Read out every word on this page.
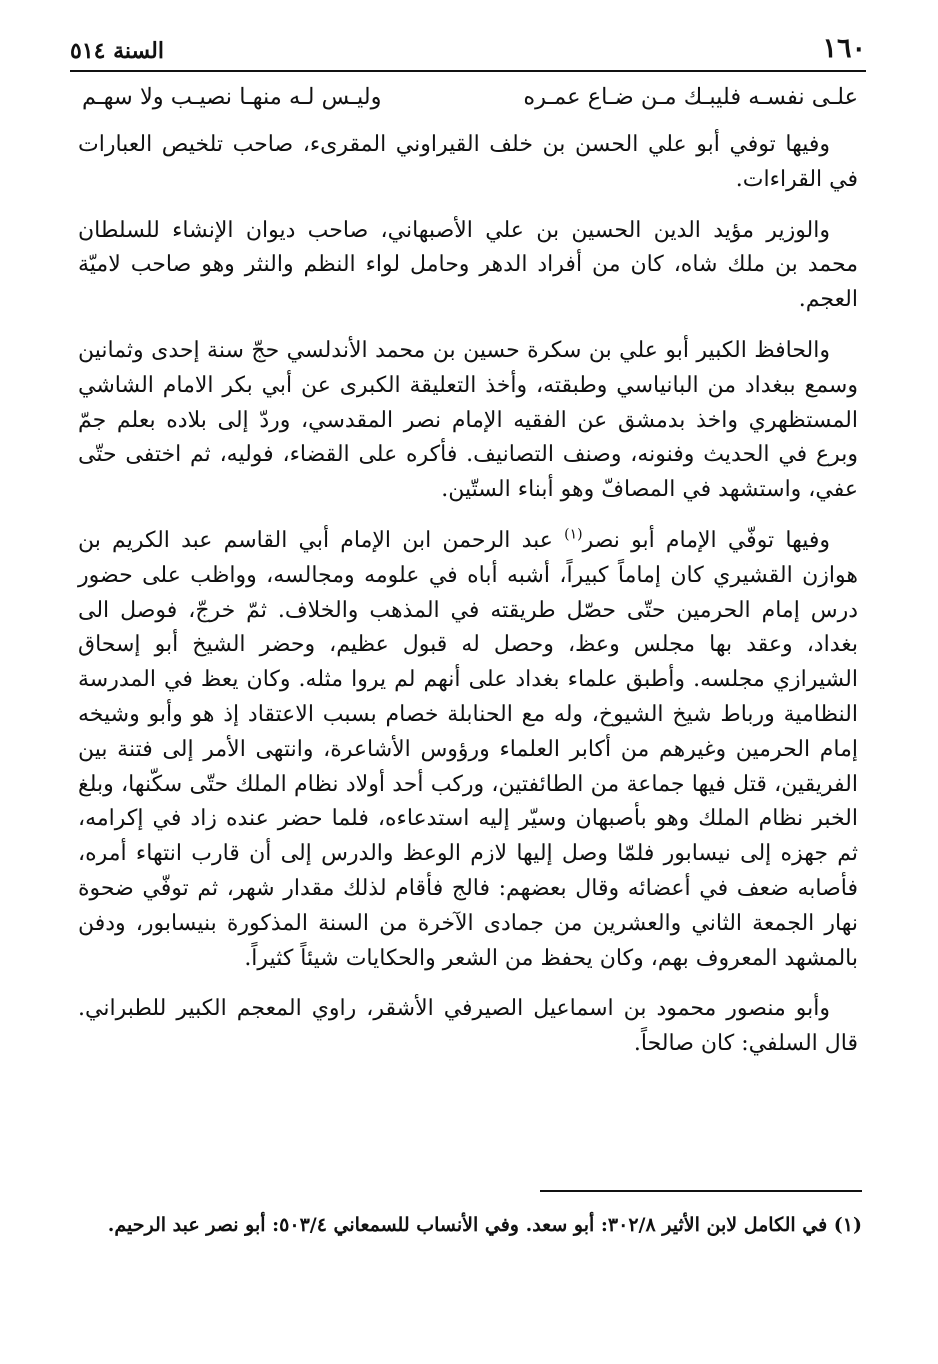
١٦٠
السنة ٥١٤
علـى نفسـه فليبـك مـن ضـاع عمـره
وليـس لـه منهـا نصيـب ولا سهـم

وفيها توفي أبو علي الحسن بن خلف القيراوني المقرىء، صاحب تلخيص العبارات في القراءات.

والوزير مؤيد الدين الحسين بن علي الأصبهاني، صاحب ديوان الإنشاء للسلطان محمد بن ملك شاه، كان من أفراد الدهر وحامل لواء النظم والنثر وهو صاحب لاميّة العجم.

والحافظ الكبير أبو علي بن سكرة حسين بن محمد الأندلسي حجّ سنة إحدى وثمانين وسمع ببغداد من البانياسي وطبقته، وأخذ التعليقة الكبرى عن أبي بكر الامام الشاشي المستظهري واخذ بدمشق عن الفقيه الإمام نصر المقدسي، وردّ إلى بلاده بعلم جمّ وبرع في الحديث وفنونه، وصنف التصانيف. فأكره على القضاء، فوليه، ثم اختفى حتّى عفي، واستشهد في المصافّ وهو أبناء الستّين.

وفيها توفّي الإمام أبو نصر$^{(١)}$ عبد الرحمن ابن الإمام أبي القاسم عبد الكريم بن هوازن القشيري كان إماماً كبيراً، أشبه أباه في علومه ومجالسه، وواظب على حضور درس إمام الحرمين حتّى حصّل طريقته في المذهب والخلاف. ثمّ خرجّ، فوصل الى بغداد، وعقد بها مجلس وعظ، وحصل له قبول عظيم، وحضر الشيخ أبو إسحاق الشيرازي مجلسه. وأطبق علماء بغداد على أنهم لم يروا مثله. وكان يعظ في المدرسة النظامية ورباط شيخ الشيوخ، وله مع الحنابلة خصام بسبب الاعتقاد إذ هو وأبو وشيخه إمام الحرمين وغيرهم من أكابر العلماء ورؤوس الأشاعرة، وانتهى الأمر إلى فتنة بين الفريقين، قتل فيها جماعة من الطائفتين، وركب أحد أولاد نظام الملك حتّى سكّنها، وبلغ الخبر نظام الملك وهو بأصبهان وسيّر إليه استدعاءه، فلما حضر عنده زاد في إكرامه، ثم جهزه إلى نيسابور فلمّا وصل إليها لازم الوعظ والدرس إلى أن قارب انتهاء أمره، فأصابه ضعف في أعضائه وقال بعضهم: فالج فأقام لذلك مقدار شهر، ثم توفّي ضحوة نهار الجمعة الثاني والعشرين من جمادى الآخرة من السنة المذكورة بنيسابور، ودفن بالمشهد المعروف بهم، وكان يحفظ من الشعر والحكايات شيئاً كثيراً.

وأبو منصور محمود بن اسماعيل الصيرفي الأشقر، راوي المعجم الكبير للطبراني. قال السلفي: كان صالحاً.

(١) في الكامل لابن الأثير ٣٠٢/٨: أبو سعد. وفي الأنساب للسمعاني ٥٠٣/٤: أبو نصر عبد الرحيم.
